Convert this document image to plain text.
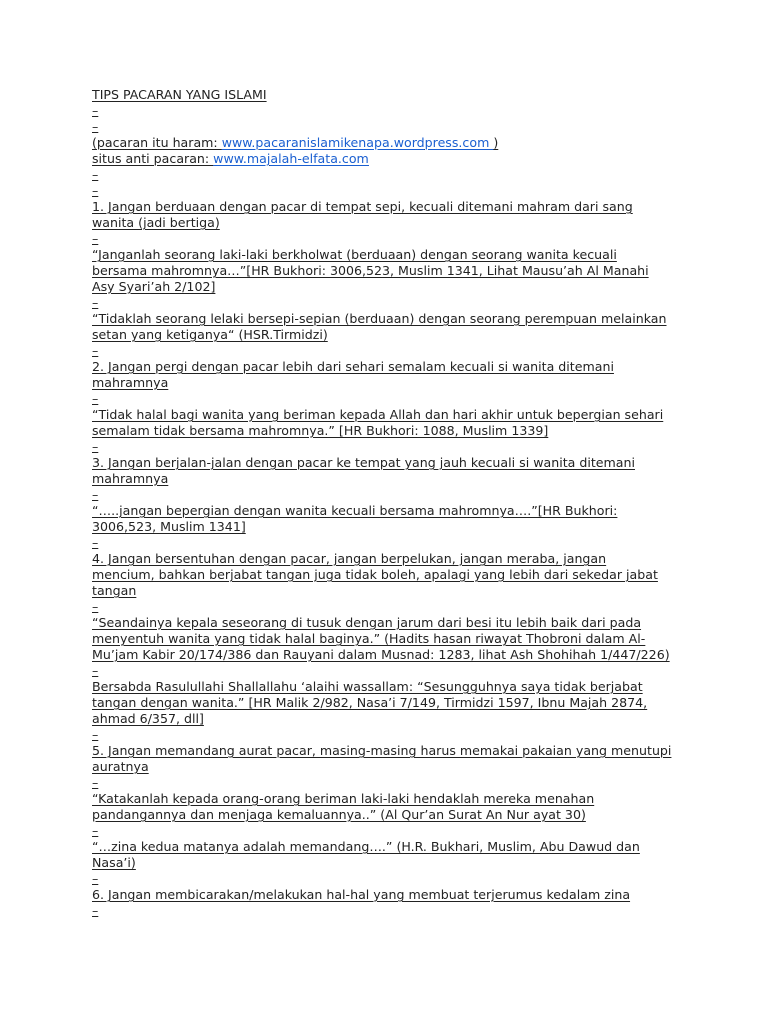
TIPS PACARAN YANG ISLAMI
–
–
(pacaran itu haram: www.pacaranislamikenapa.wordpress.com )
situs anti pacaran: www.majalah-elfata.com
–
–
1. Jangan berduaan dengan pacar di tempat sepi, kecuali ditemani mahram dari sang wanita (jadi bertiga)
–
“Janganlah seorang laki-laki berkholwat (berduaan) dengan seorang wanita kecuali bersama mahromnya…”[HR Bukhori: 3006,523, Muslim 1341, Lihat Mausu’ah Al Manahi Asy Syari’ah 2/102]
–
“Tidaklah seorang lelaki bersepi-sepian (berduaan) dengan seorang perempuan melainkan setan yang ketiganya“ (HSR.Tirmidzi)
–
2. Jangan pergi dengan pacar lebih dari sehari semalam kecuali si wanita ditemani mahramnya
–
“Tidak halal bagi wanita yang beriman kepada Allah dan hari akhir untuk bepergian sehari semalam tidak bersama mahromnya.” [HR Bukhori: 1088, Muslim 1339]
–
3. Jangan berjalan-jalan dengan pacar ke tempat yang jauh kecuali si wanita ditemani mahramnya
–
“…..jangan bepergian dengan wanita kecuali bersama mahromnya….”[HR Bukhori: 3006,523, Muslim 1341]
–
4. Jangan bersentuhan dengan pacar, jangan berpelukan, jangan meraba, jangan mencium, bahkan berjabat tangan juga tidak boleh, apalagi yang lebih dari sekedar jabat tangan
–
“Seandainya kepala seseorang di tusuk dengan jarum dari besi itu lebih baik dari pada menyentuh wanita yang tidak halal baginya.” (Hadits hasan riwayat Thobroni dalam Al-Mu’jam Kabir 20/174/386 dan Rauyani dalam Musnad: 1283, lihat Ash Shohihah 1/447/226)
–
Bersabda Rasulullahi Shallallahu ‘alaihi wassallam: “Sesungguhnya saya tidak berjabat tangan dengan wanita.” [HR Malik 2/982, Nasa’i 7/149, Tirmidzi 1597, Ibnu Majah 2874, ahmad 6/357, dll]
–
5. Jangan memandang aurat pacar, masing-masing harus memakai pakaian yang menutupi auratnya
–
“Katakanlah kepada orang-orang beriman laki-laki hendaklah mereka menahan pandangannya dan menjaga kemaluannya..” (Al Qur’an Surat An Nur ayat 30)
–
“…zina kedua matanya adalah memandang….” (H.R. Bukhari, Muslim, Abu Dawud dan Nasa’i)
–
6. Jangan membicarakan/melakukan hal-hal yang membuat terjerumus kedalam zina
–
